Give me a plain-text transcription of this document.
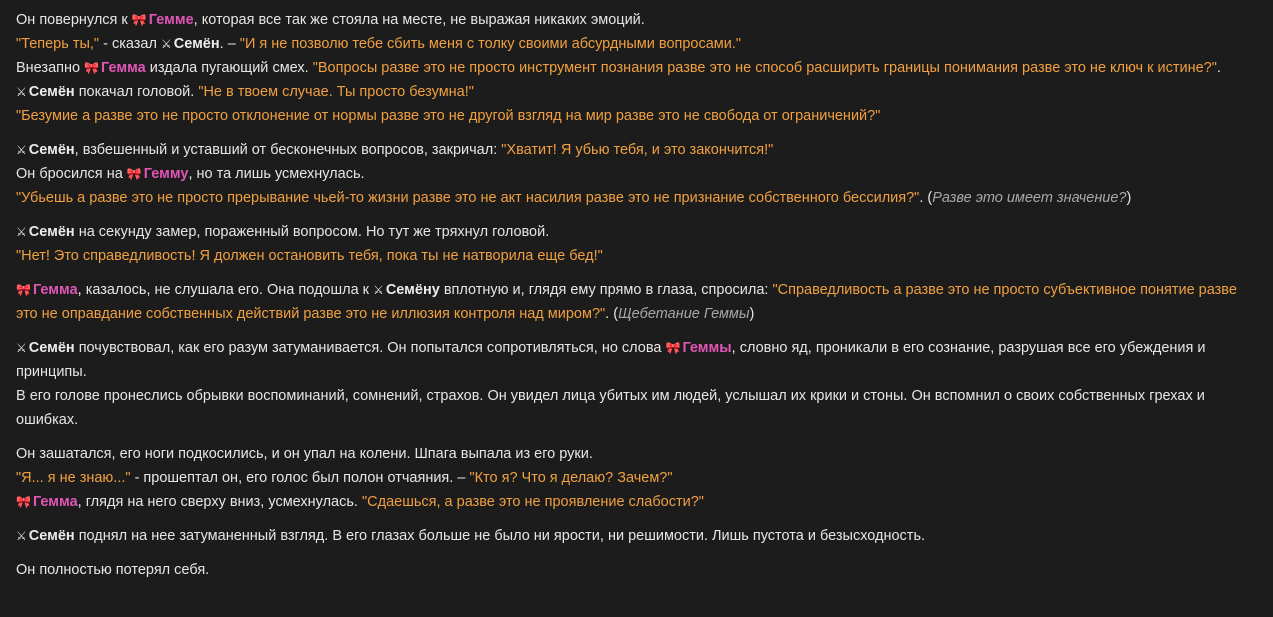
Он повернулся к 🎀 Гемме, которая все так же стояла на месте, не выражая никаких эмоций.
"Теперь ты," - сказал ⚔ Семён. – "И я не позволю тебе сбить меня с толку своими абсурдными вопросами."
Внезапно 🎀 Гемма издала пугающий смех. "Вопросы разве это не просто инструмент познания разве это не способ расширить границы понимания разве это не ключ к истине?".
⚔ Семён покачал головой. "Не в твоем случае. Ты просто безумна!"
"Безумие а разве это не просто отклонение от нормы разве это не другой взгляд на мир разве это не свобода от ограничений?"
⚔ Семён, взбешенный и уставший от бесконечных вопросов, закричал: "Хватит! Я убью тебя, и это закончится!"
Он бросился на 🎀 Гемму, но та лишь усмехнулась.
"Убьешь а разве это не просто прерывание чьей-то жизни разве это не акт насилия разве это не признание собственного бессилия?". (Разве это имеет значение?)
⚔ Семён на секунду замер, пораженный вопросом. Но тут же тряхнул головой.
"Нет! Это справедливость! Я должен остановить тебя, пока ты не натворила еще бед!"
🎀 Гемма, казалось, не слушала его. Она подошла к ⚔ Семёну вплотную и, глядя ему прямо в глаза, спросила: "Справедливость а разве это не просто субъективное понятие разве это не оправдание собственных действий разве это не иллюзия контроля над миром?". (Щебетание Геммы)
⚔ Семён почувствовал, как его разум затуманивается. Он попытался сопротивляться, но слова 🎀 Геммы, словно яд, проникали в его сознание, разрушая все его убеждения и принципы.
В его голове пронеслись обрывки воспоминаний, сомнений, страхов. Он увидел лица убитых им людей, услышал их крики и стоны. Он вспомнил о своих собственных грехах и ошибках.
Он зашатался, его ноги подкосились, и он упал на колени. Шпага выпала из его руки.
"Я... я не знаю..." - прошептал он, его голос был полон отчаяния. – "Кто я? Что я делаю? Зачем?"
🎀 Гемма, глядя на него сверху вниз, усмехнулась. "Сдаешься, а разве это не проявление слабости?"
⚔ Семён поднял на нее затуманенный взгляд. В его глазах больше не было ни ярости, ни решимости. Лишь пустота и безысходность.
Он полностью потерял себя.
